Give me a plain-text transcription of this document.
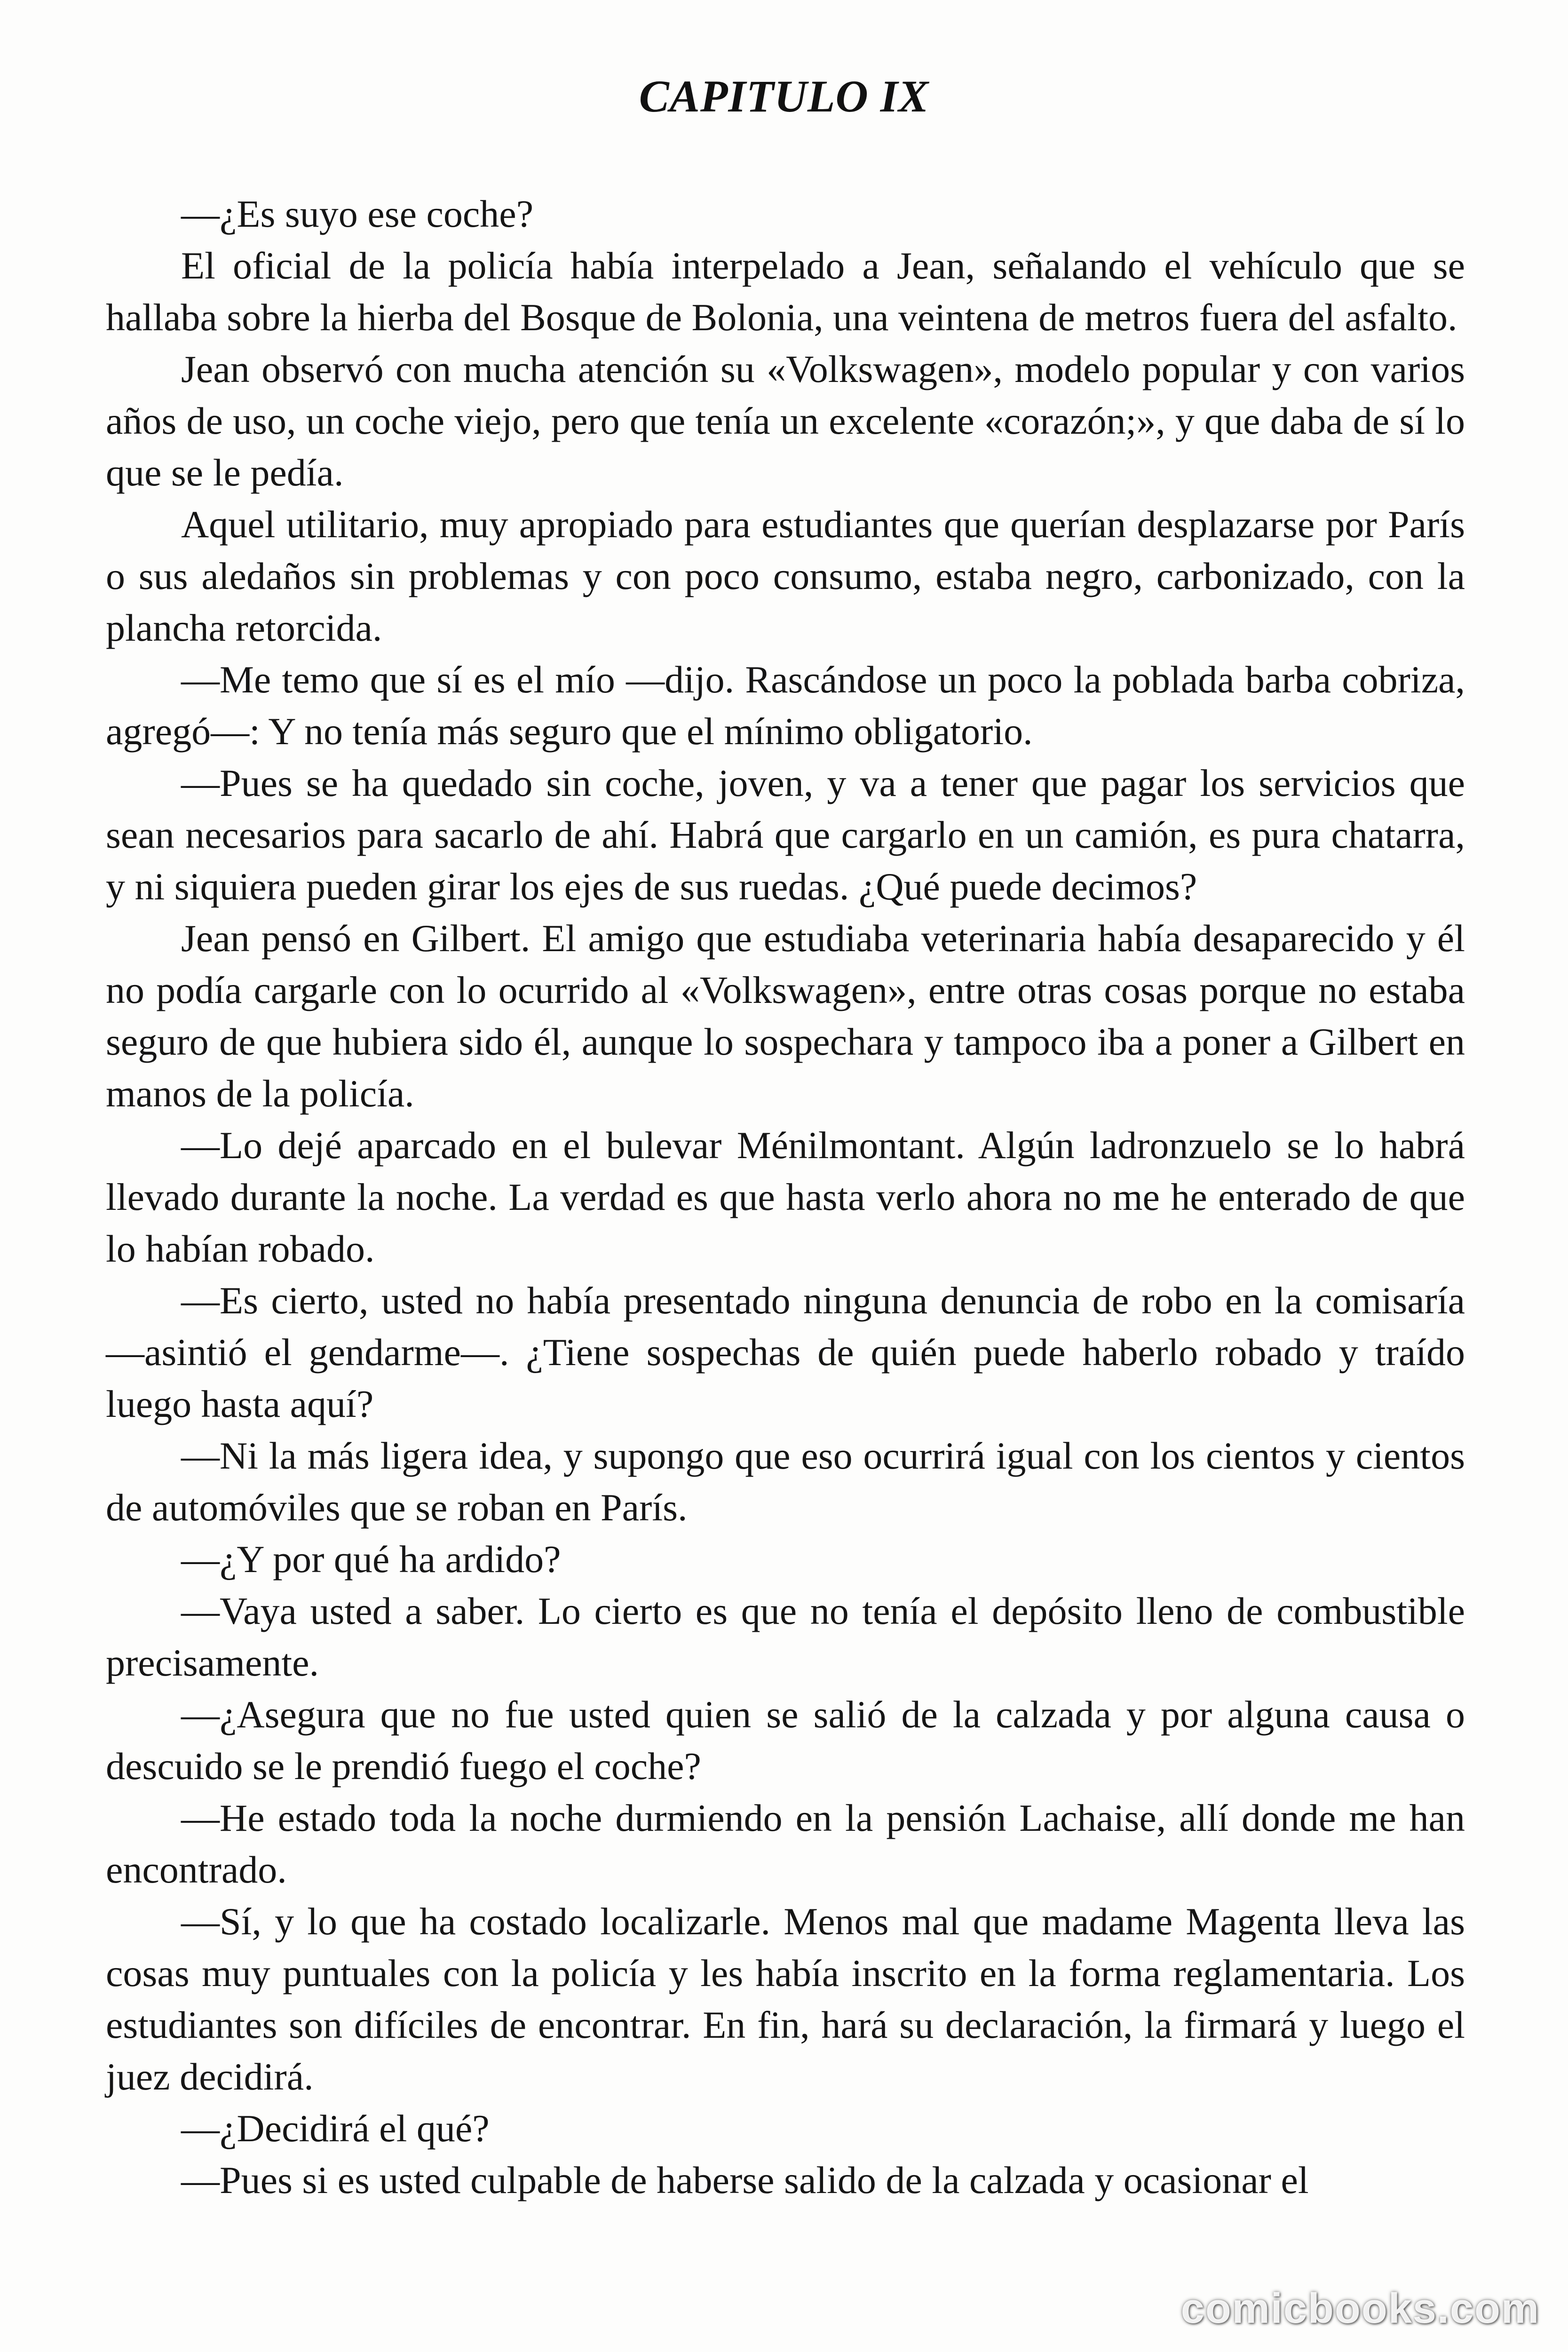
CAPITULO IX

—¿Es suyo ese coche?

El oficial de la policía había interpelado a Jean, señalando el vehículo que se hallaba sobre la hierba del Bosque de Bolonia, una veintena de metros fuera del asfalto.

Jean observó con mucha atención su «Volkswagen», modelo popular y con varios años de uso, un coche viejo, pero que tenía un excelente «corazón;», y que daba de sí lo que se le pedía.

Aquel utilitario, muy apropiado para estudiantes que querían desplazarse por París o sus aledaños sin problemas y con poco consumo, estaba negro, carbonizado, con la plancha retorcida.

—Me temo que sí es el mío —dijo. Rascándose un poco la poblada barba cobriza, agregó—: Y no tenía más seguro que el mínimo obligatorio.

—Pues se ha quedado sin coche, joven, y va a tener que pagar los servicios que sean necesarios para sacarlo de ahí. Habrá que cargarlo en un camión, es pura chatarra, y ni siquiera pueden girar los ejes de sus ruedas. ¿Qué puede decimos?

Jean pensó en Gilbert. El amigo que estudiaba veterinaria había desaparecido y él no podía cargarle con lo ocurrido al «Volkswagen», entre otras cosas porque no estaba seguro de que hubiera sido él, aunque lo sospechara y tampoco iba a poner a Gilbert en manos de la policía.

—Lo dejé aparcado en el bulevar Ménilmontant. Algún ladronzuelo se lo habrá llevado durante la noche. La verdad es que hasta verlo ahora no me he enterado de que lo habían robado.

—Es cierto, usted no había presentado ninguna denuncia de robo en la comisaría —asintió el gendarme—. ¿Tiene sospechas de quién puede haberlo robado y traído luego hasta aquí?

—Ni la más ligera idea, y supongo que eso ocurrirá igual con los cientos y cientos de automóviles que se roban en París.

—¿Y por qué ha ardido?

—Vaya usted a saber. Lo cierto es que no tenía el depósito lleno de combustible precisamente.

—¿Asegura que no fue usted quien se salió de la calzada y por alguna causa o descuido se le prendió fuego el coche?

—He estado toda la noche durmiendo en la pensión Lachaise, allí donde me han encontrado.

—Sí, y lo que ha costado localizarle. Menos mal que madame Magenta lleva las cosas muy puntuales con la policía y les había inscrito en la forma reglamentaria. Los estudiantes son difíciles de encontrar. En fin, hará su declaración, la firmará y luego el juez decidirá.

—¿Decidirá el qué?

—Pues si es usted culpable de haberse salido de la calzada y ocasionar el

comicbooks.com
